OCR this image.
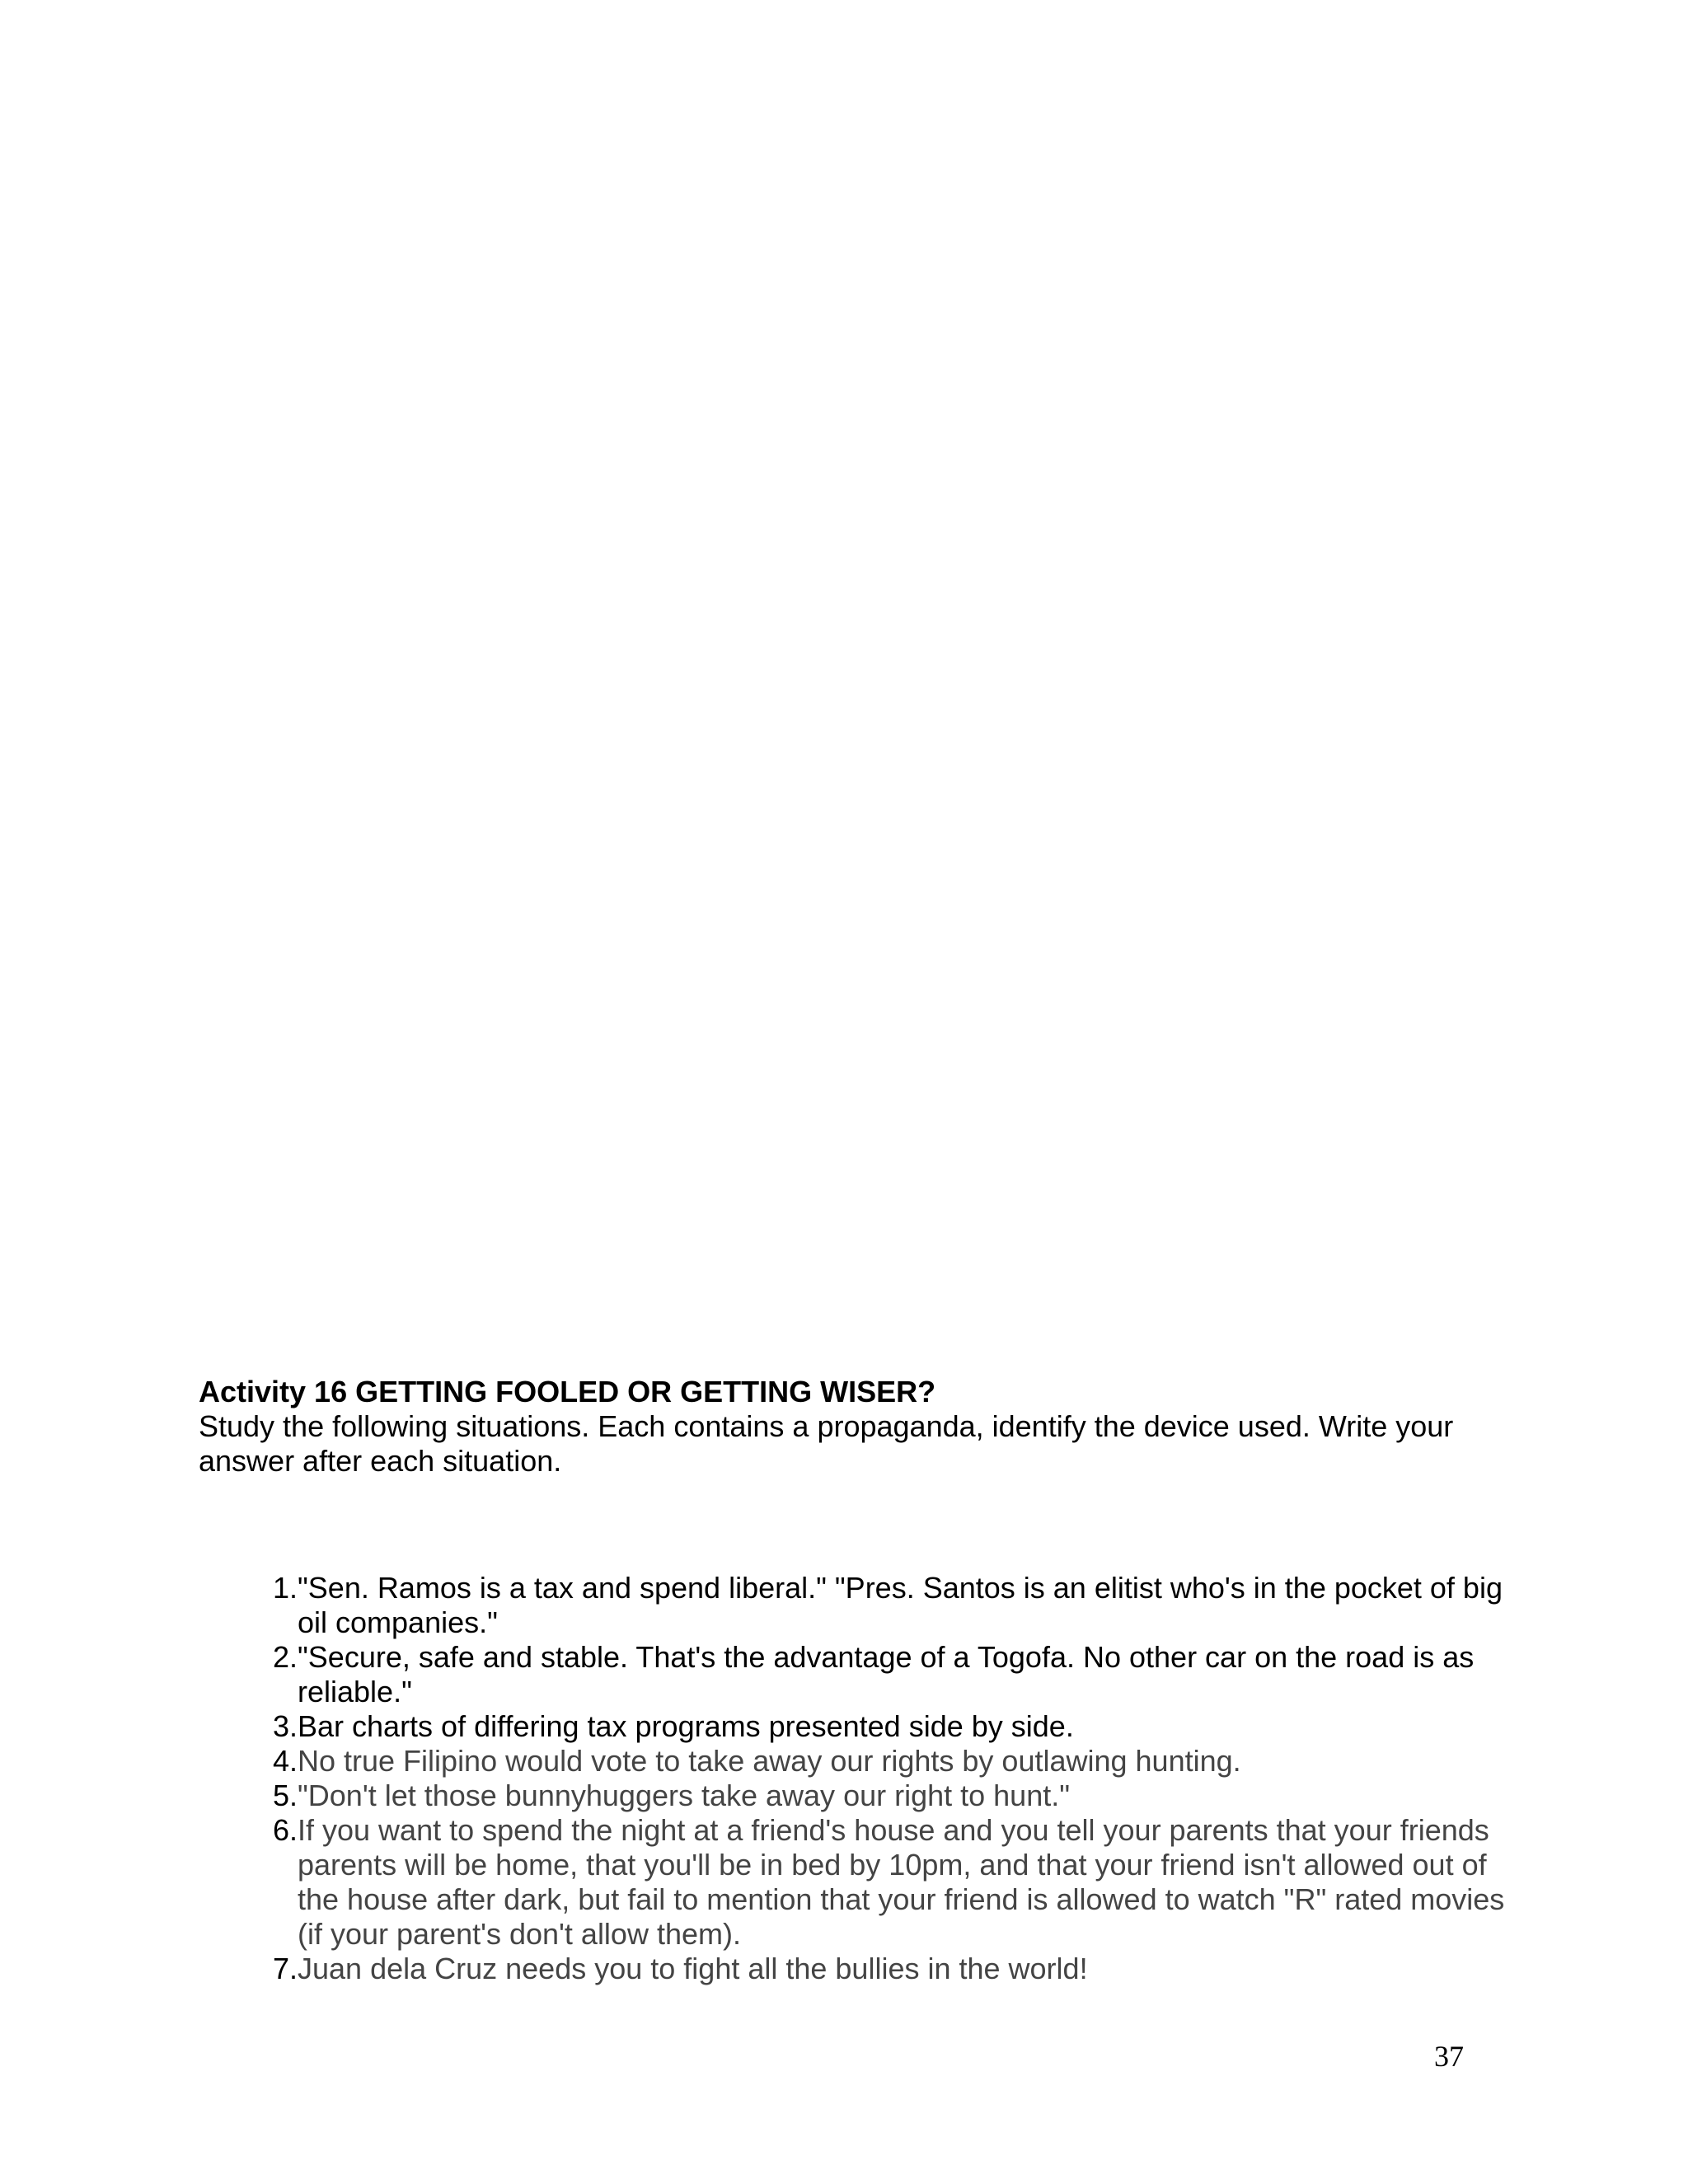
Activity 16 GETTING FOOLED OR GETTING WISER?

Study the following situations. Each contains a propaganda, identify the device used. Write your answer after each situation.

1. "Sen. Ramos is a tax and spend liberal." "Pres. Santos is an elitist who's in the pocket of big oil companies."
2. "Secure, safe and stable. That's the advantage of a Togofa. No other car on the road is as reliable."
3. Bar charts of differing tax programs presented side by side.
4. No true Filipino would vote to take away our rights by outlawing hunting.
5. "Don't let those bunnyhuggers take away our right to hunt."
6. If you want to spend the night at a friend's house and you tell your parents that your friends parents will be home, that you'll be in bed by 10pm, and that your friend isn't allowed out of the house after dark, but fail to mention that your friend is allowed to watch "R" rated movies (if your parent's don't allow them).
7. Juan dela Cruz needs you to fight all the bullies in the world!
37
